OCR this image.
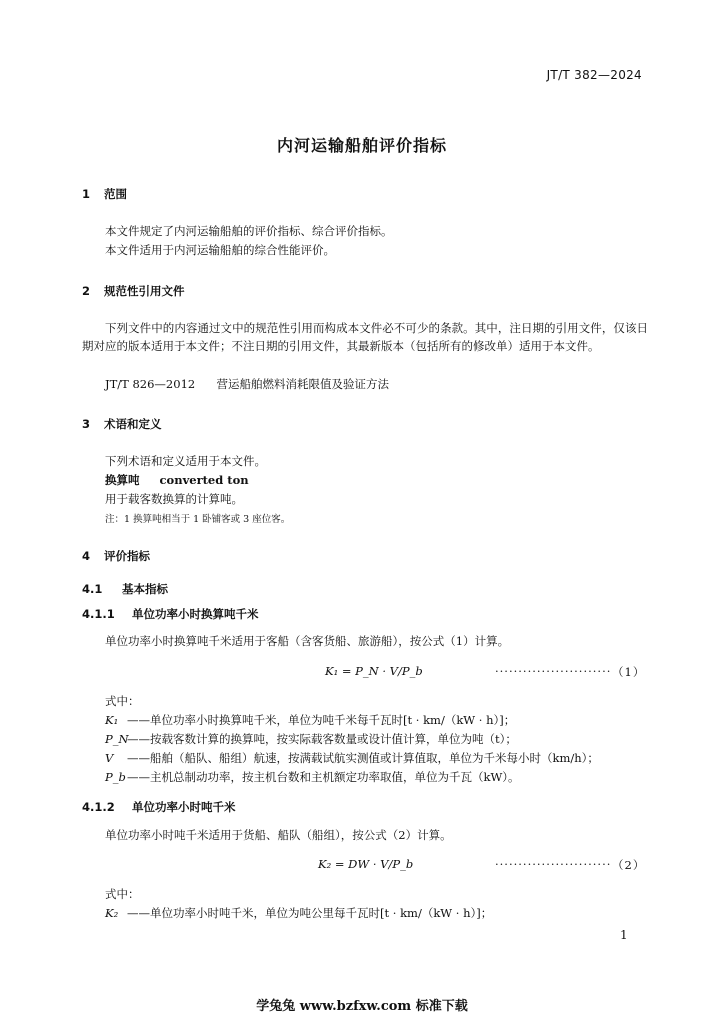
JT/T 382—2024
内河运输船舶评价指标
1 范围
本文件规定了内河运输船舶的评价指标、综合评价指标。
本文件适用于内河运输船舶的综合性能评价。
2 规范性引用文件
下列文件中的内容通过文中的规范性引用而构成本文件必不可少的条款。其中，注日期的引用文件，仅该日期对应的版本适用于本文件；不注日期的引用文件，其最新版本（包括所有的修改单）适用于本文件。
JT/T 826—2012 营运船舶燃料消耗限值及验证方法
3 术语和定义
下列术语和定义适用于本文件。
换算吨 converted ton
用于载客数换算的计算吨。
注：1 换算吨相当于 1 卧铺客或 3 座位客。
4 评价指标
4.1 基本指标
4.1.1 单位功率小时换算吨千米
单位功率小时换算吨千米适用于客船（含客货船、旅游船），按公式（1）计算。
K₁ = P_N · V/P_b	························· （1）
式中：
K₁ ——单位功率小时换算吨千米，单位为吨千米每千瓦时[t · km/（kW · h）]；
P_N——按载客数计算的换算吨，按实际载客数量或设计值计算，单位为吨（t）；
V ——船舶（船队、船组）航速，按满载试航实测值或计算值取，单位为千米每小时（km/h）；
P_b——主机总制动功率，按主机台数和主机额定功率取值，单位为千瓦（kW）。
4.1.2 单位功率小时吨千米
单位功率小时吨千米适用于货船、船队（船组），按公式（2）计算。
K₂ = DW · V/P_b	························· （2）
式中：
K₂ ——单位功率小时吨千米，单位为吨公里每千瓦时[t · km/（kW · h）]；
1
学兔兔 www.bzfxw.com 标准下载
